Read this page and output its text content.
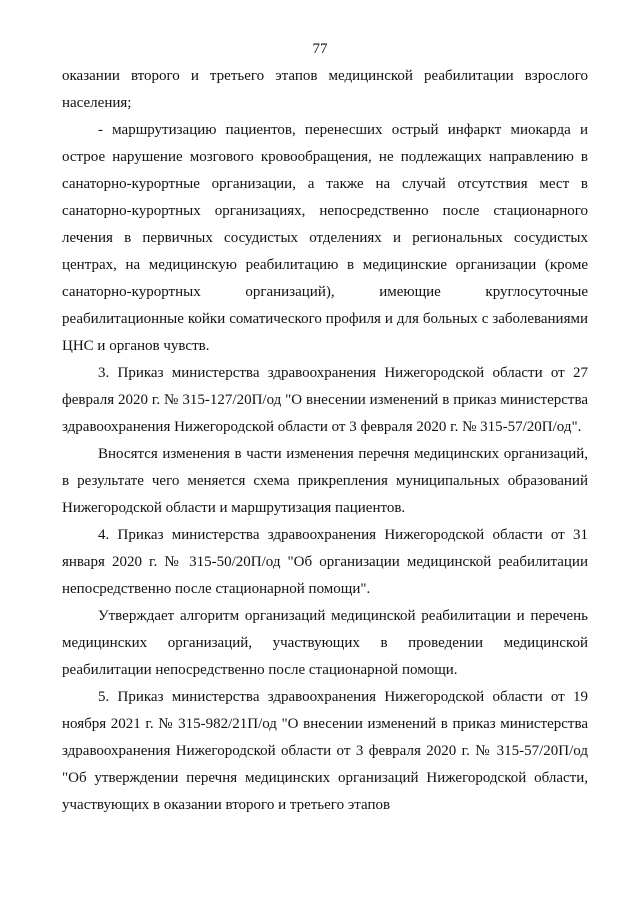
77

оказании второго и третьего этапов медицинской реабилитации взрослого населения;

- маршрутизацию пациентов, перенесших острый инфаркт миокарда и острое нарушение мозгового кровообращения, не подлежащих направлению в санаторно-курортные организации, а также на случай отсутствия мест в санаторно-курортных организациях, непосредственно после стационарного лечения в первичных сосудистых отделениях и региональных сосудистых центрах, на медицинскую реабилитацию в медицинские организации (кроме санаторно-курортных организаций), имеющие круглосуточные реабилитационные койки соматического профиля и для больных с заболеваниями ЦНС и органов чувств.

3. Приказ министерства здравоохранения Нижегородской области от 27 февраля 2020 г. № 315-127/20П/од "О внесении изменений в приказ министерства здравоохранения Нижегородской области от 3 февраля 2020 г. № 315-57/20П/од".

Вносятся изменения в части изменения перечня медицинских организаций, в результате чего меняется схема прикрепления муниципальных образований Нижегородской области и маршрутизация пациентов.

4. Приказ министерства здравоохранения Нижегородской области от 31 января 2020 г. № 315-50/20П/од "Об организации медицинской реабилитации непосредственно после стационарной помощи".

Утверждает алгоритм организаций медицинской реабилитации и перечень медицинских организаций, участвующих в проведении медицинской реабилитации непосредственно после стационарной помощи.

5. Приказ министерства здравоохранения Нижегородской области от 19 ноября 2021 г. № 315-982/21П/од "О внесении изменений в приказ министерства здравоохранения Нижегородской области от 3 февраля 2020 г. № 315-57/20П/од "Об утверждении перечня медицинских организаций Нижегородской области, участвующих в оказании второго и третьего этапов
